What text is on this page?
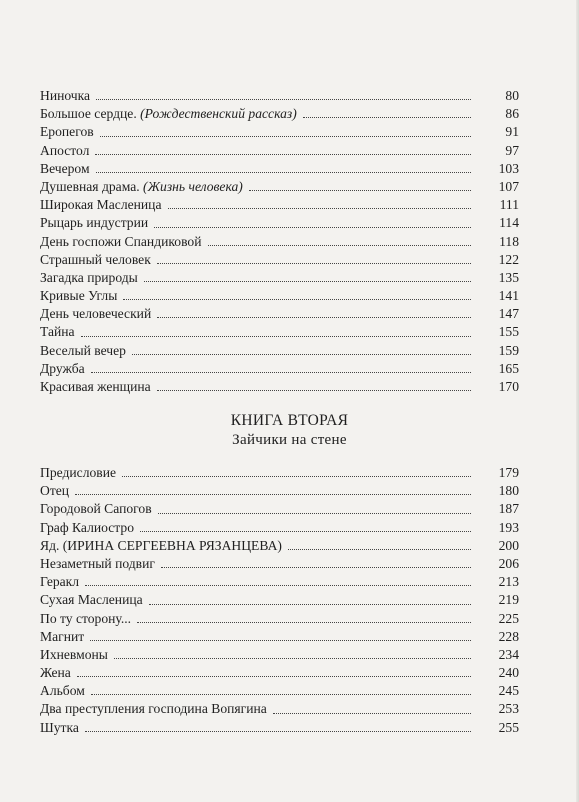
Ниночка	80
Большое сердце. (Рождественский рассказ)	86
Еропегов	91
Апостол	97
Вечером	103
Душевная драма. (Жизнь человека)	107
Широкая Масленица	111
Рыцарь индустрии	114
День госпожи Спандиковой	118
Страшный человек	122
Загадка природы	135
Кривые Углы	141
День человеческий	147
Тайна	155
Веселый вечер	159
Дружба	165
Красивая женщина	170
КНИГА ВТОРАЯ
Зайчики на стене
Предисловие	179
Отец	180
Городовой Сапогов	187
Граф Калиостро	193
Яд. (ИРИНА СЕРГЕЕВНА РЯЗАНЦЕВА)	200
Незаметный подвиг	206
Геракл	213
Сухая Масленица	219
По ту сторону...	225
Магнит	228
Ихневмоны	234
Жена	240
Альбом	245
Два преступления господина Вопягина	253
Шутка	255
